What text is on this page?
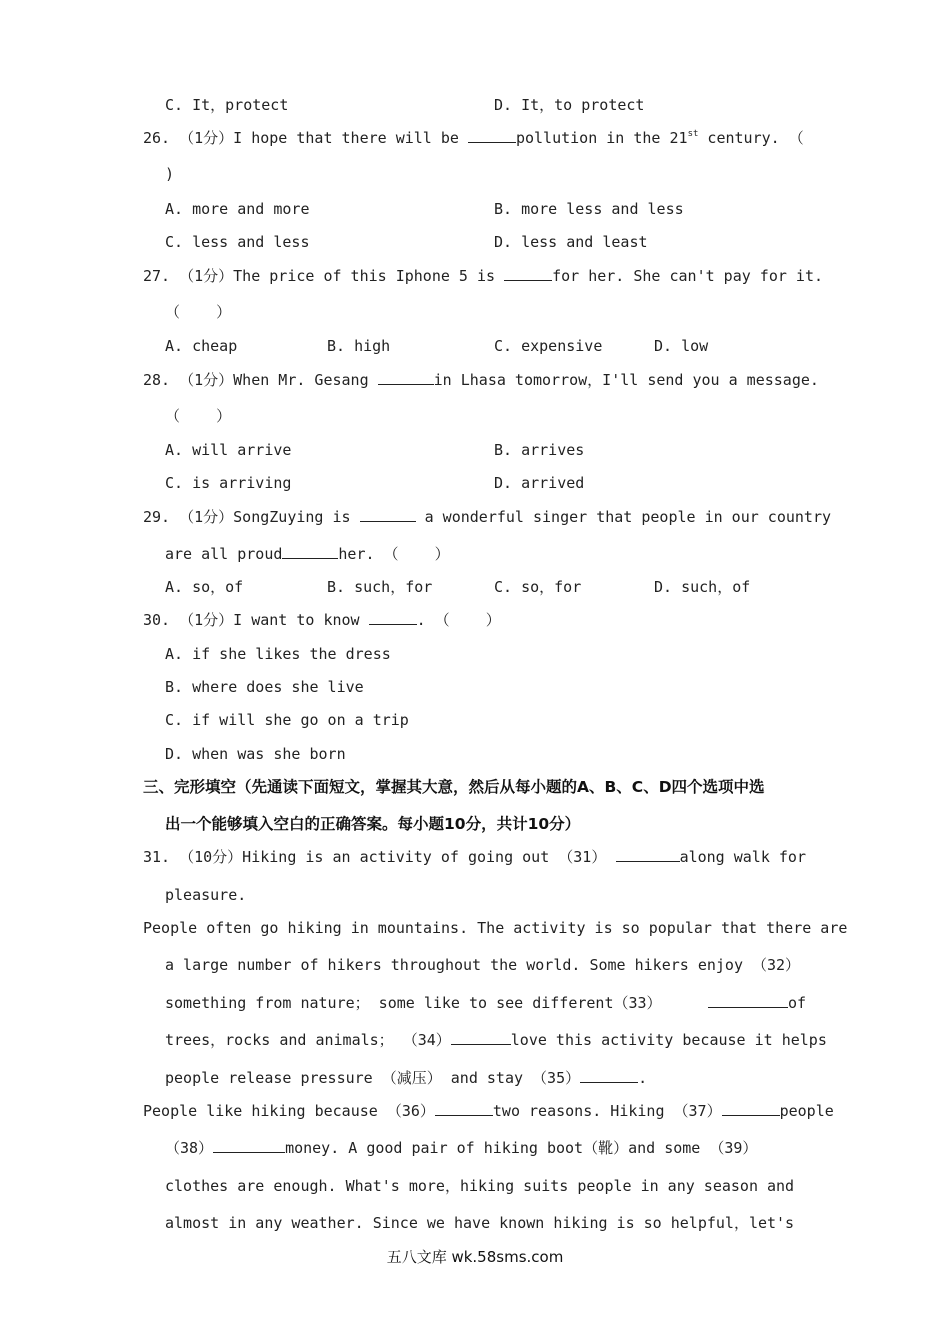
C. It，protect	D. It，to protect
26. （1分）I hope that there will be	pollution in the 21st century. （
)
A. more and more	B. more less and less
C. less and less	D. less and least
27. （1分）The price of this Iphone 5 is	for her. She can't pay for it.
（    ）
A. cheap	B. high	C. expensive	D. low
28. （1分）When Mr. Gesang	in Lhasa tomorrow，I'll send you a message.
（    ）
A. will arrive	B. arrives
C. is arriving	D. arrived
29. （1分）SongZuying is	a wonderful singer that people in our country
are all proud	her. （    ）
A. so，of	B. such，for	C. so，for	D. such，of
30. （1分）I want to know	. （    ）
A. if she likes the dress
B. where does she live
C. if will she go on a trip
D. when was she born
三、完形填空（先通读下面短文，掌握其大意，然后从每小题的A、B、C、D四个选项中选
出一个能够填入空白的正确答案。每小题10分，共计10分）
31. （10分）Hiking is an activity of going out （31）	along walk for
pleasure.
People often go hiking in mountains. The activity is so popular that there are
a large number of hikers throughout the world. Some hikers enjoy （32）
something from nature； some like to see different（33）	of
trees，rocks and animals； （34）	love this activity because it helps
people release pressure （减压） and stay （35）	.
People like hiking because （36）	two reasons. Hiking （37）	people
（38）	money. A good pair of hiking boot（靴）and some （39）
clothes are enough. What's more，hiking suits people in any season and
almost in any weather. Since we have known hiking is so helpful，let's
五八文库 wk.58sms.com
